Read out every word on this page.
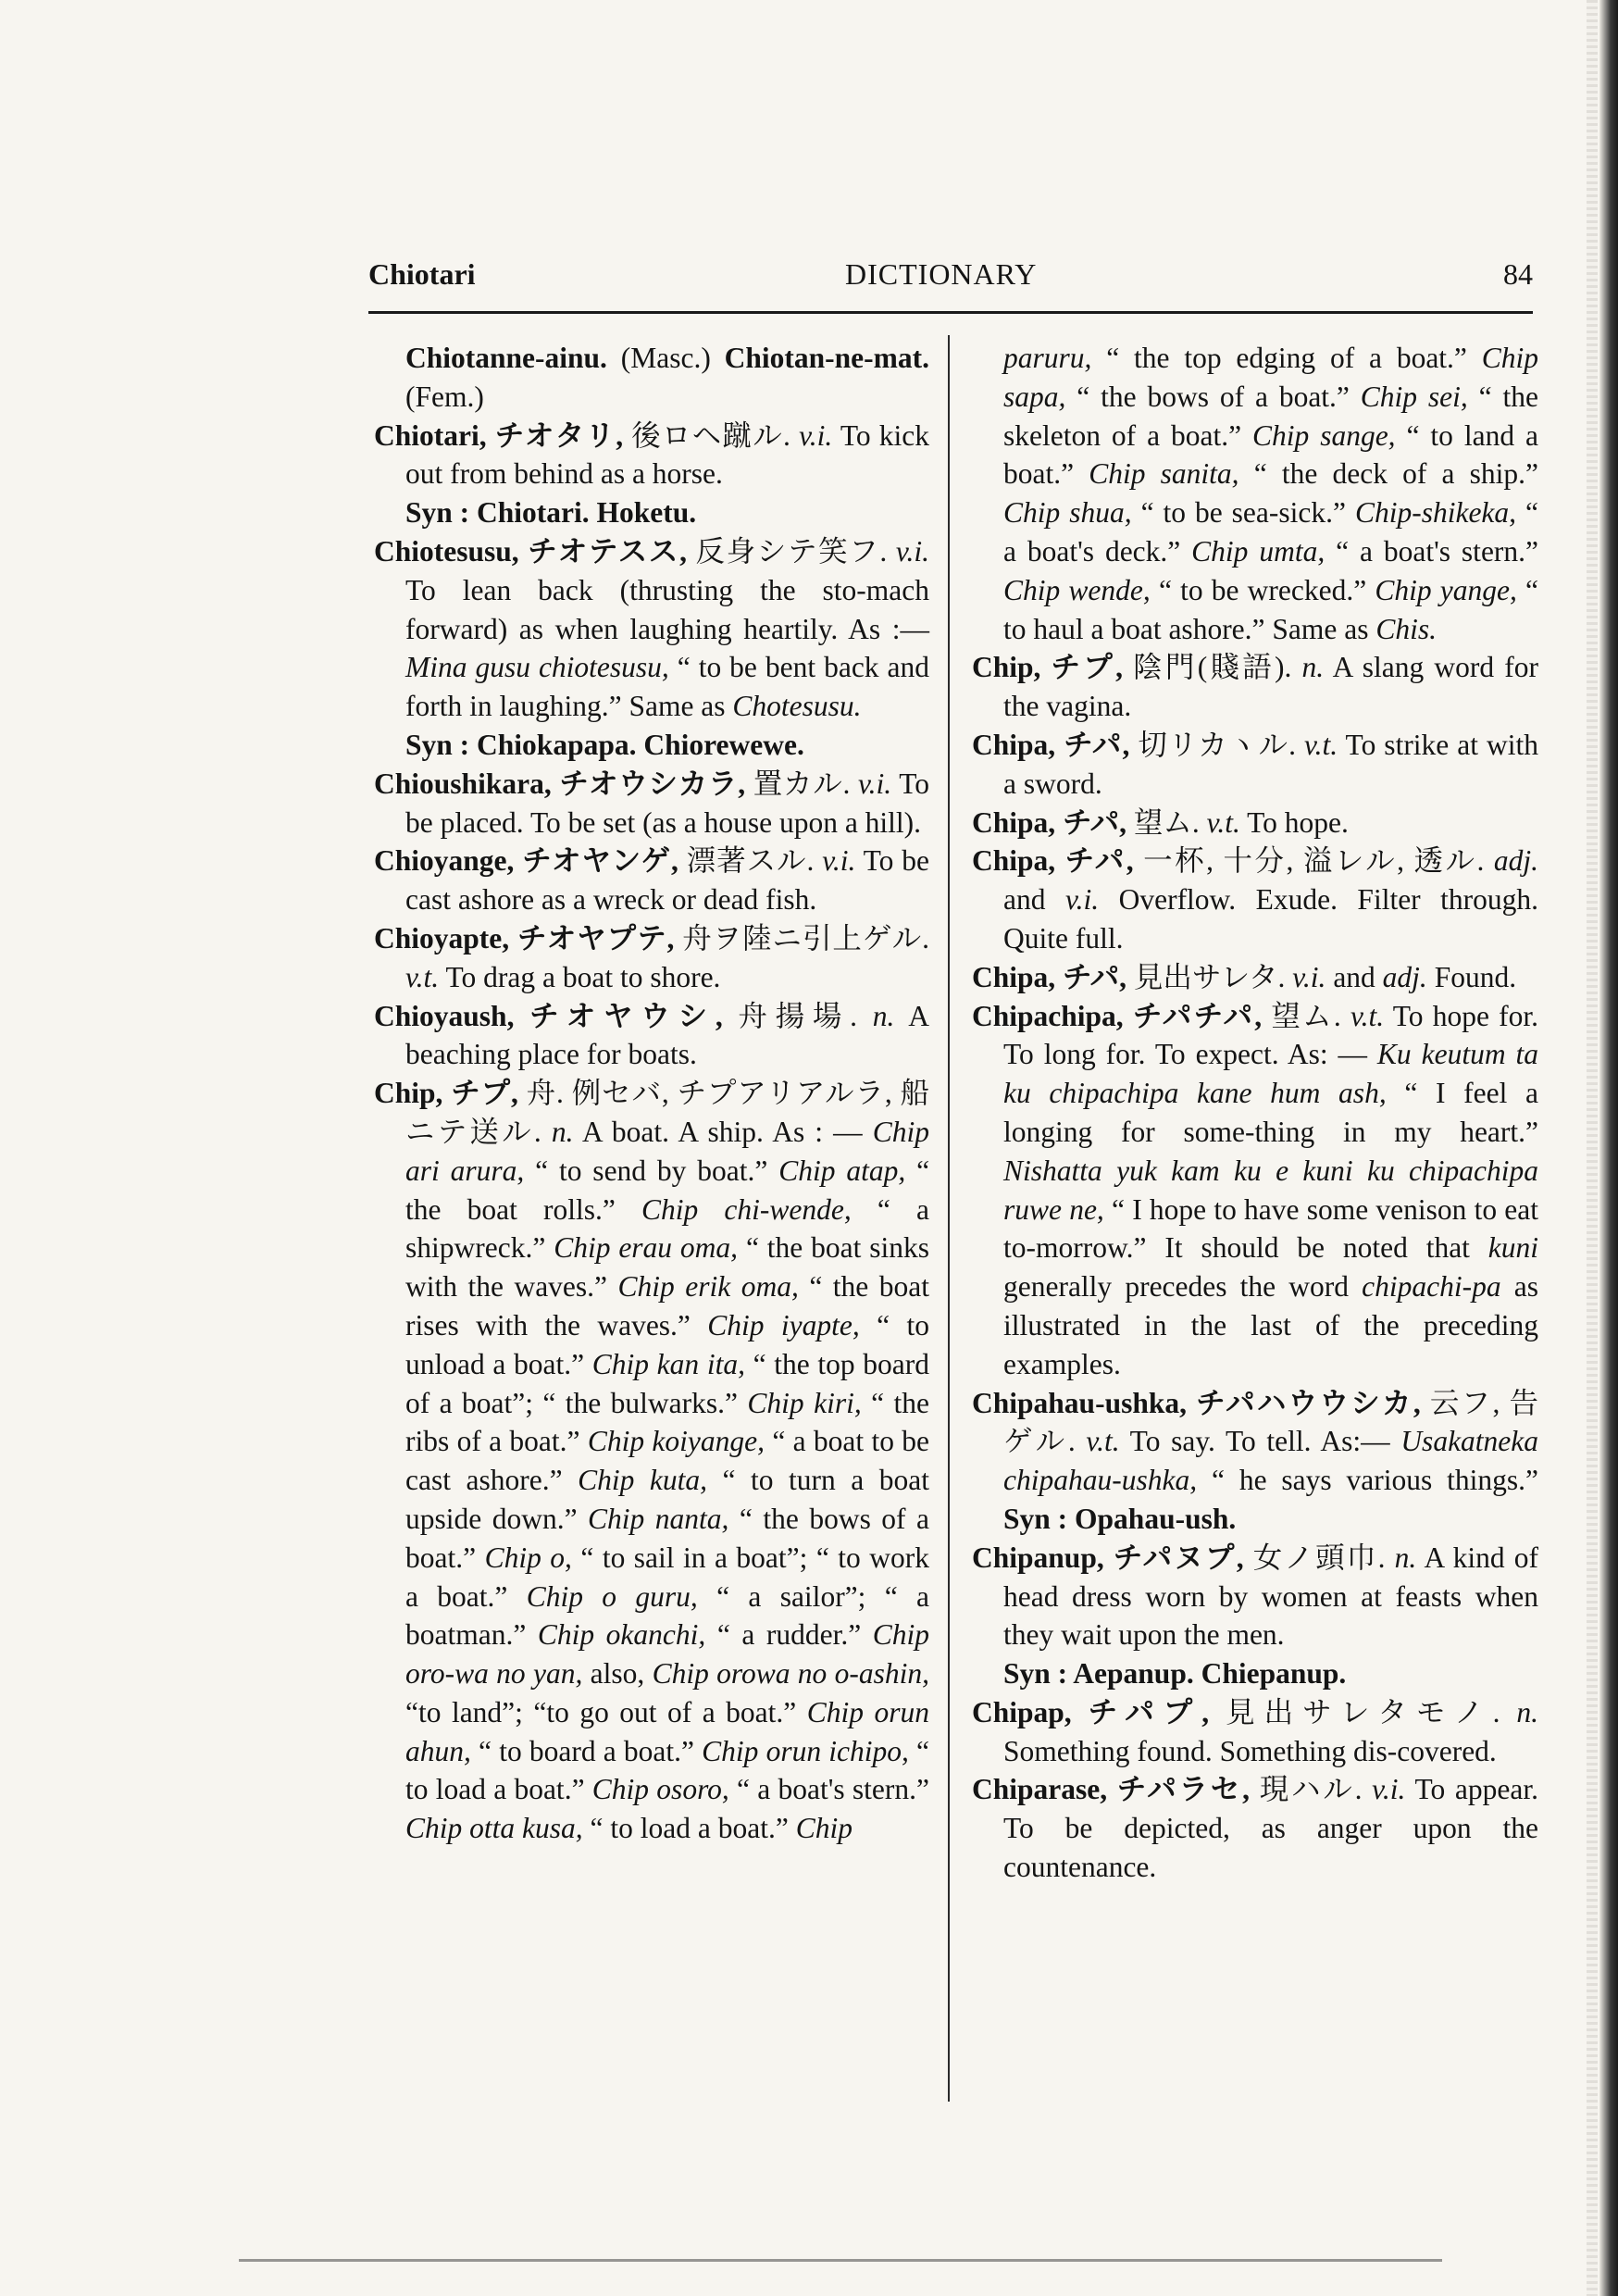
Chiotari	DICTIONARY	84

Chiotanne-ainu. (Masc.) Chiotan-ne-mat. (Fem.)

Chiotari, チオタリ, 後ロヘ蹴ル. v.i. To kick out from behind as a horse.

Syn : Chiotari. Hoketu.

Chiotesusu, チオテスス, 反身シテ笑フ. v.i. To lean back (thrusting the sto-mach forward) as when laughing heartily. As :— Mina gusu chiotesusu, “ to be bent back and forth in laughing.” Same as Chotesusu.

Syn : Chiokapapa. Chiorewewe.

Chioushikara, チオウシカラ, 置カル. v.i. To be placed. To be set (as a house upon a hill).

Chioyange, チオヤンゲ, 漂著スル. v.i. To be cast ashore as a wreck or dead fish.

Chioyapte, チオヤプテ, 舟ヲ陸ニ引上ゲル. v.t. To drag a boat to shore.

Chioyaush, チオヤウシ, 舟揚場. n. A beaching place for boats.

Chip, チプ, 舟. 例セバ, チプアリアルラ, 船ニテ送ル. n. A boat. A ship. As : — Chip ari arura, “ to send by boat.” Chip atap, “ the boat rolls.” Chip chi-wende, “ a shipwreck.” Chip erau oma, “ the boat sinks with the waves.” Chip erik oma, “ the boat rises with the waves.” Chip iyapte, “ to unload a boat.” Chip kan ita, “ the top board of a boat”; “ the bulwarks.” Chip kiri, “ the ribs of a boat.” Chip koiyange, “ a boat to be cast ashore.” Chip kuta, “ to turn a boat upside down.” Chip nanta, “ the bows of a boat.” Chip o, “ to sail in a boat”; “ to work a boat.” Chip o guru, “ a sailor”; “ a boatman.” Chip okanchi, “ a rudder.” Chip oro-wa no yan, also, Chip orowa no o-ashin, “to land”; “to go out of a boat.” Chip orun ahun, “ to board a boat.” Chip orun ichipo, “ to load a boat.” Chip osoro, “ a boat's stern.” Chip otta kusa, “ to load a boat.” Chip

paruru, “ the top edging of a boat.” Chip sapa, “ the bows of a boat.” Chip sei, “ the skeleton of a boat.” Chip sange, “ to land a boat.” Chip sanita, “ the deck of a ship.” Chip shua, “ to be sea-sick.” Chip-shikeka, “ a boat's deck.” Chip umta, “ a boat's stern.” Chip wende, “ to be wrecked.” Chip yange, “ to haul a boat ashore.” Same as Chis.

Chip, チプ, 陰門(賤語). n. A slang word for the vagina.

Chipa, チパ, 切リカヽル. v.t. To strike at with a sword.

Chipa, チパ, 望ム. v.t. To hope.

Chipa, チパ, 一杯, 十分, 溢レル, 透ル. adj. and v.i. Overflow. Exude. Filter through. Quite full.

Chipa, チパ, 見出サレタ. v.i. and adj. Found.

Chipachipa, チパチパ, 望ム. v.t. To hope for. To long for. To expect. As: — Ku keutum ta ku chipachipa kane hum ash, “ I feel a longing for some-thing in my heart.” Nishatta yuk kam ku e kuni ku chipachipa ruwe ne, “ I hope to have some venison to eat to-morrow.” It should be noted that kuni generally precedes the word chipachi-pa as illustrated in the last of the preceding examples.

Chipahau-ushka, チパハウウシカ, 云フ, 告ゲル. v.t. To say. To tell. As:— Usakatneka chipahau-ushka, “ he says various things.” Syn : Opahau-ush.

Chipanup, チパヌプ, 女ノ頭巾. n. A kind of head dress worn by women at feasts when they wait upon the men.

Syn : Aepanup. Chiepanup.

Chipap, チパプ, 見出サレタモノ. n. Something found. Something dis-covered.

Chiparase, チパラセ, 現ハル. v.i. To appear. To be depicted, as anger upon the countenance.
